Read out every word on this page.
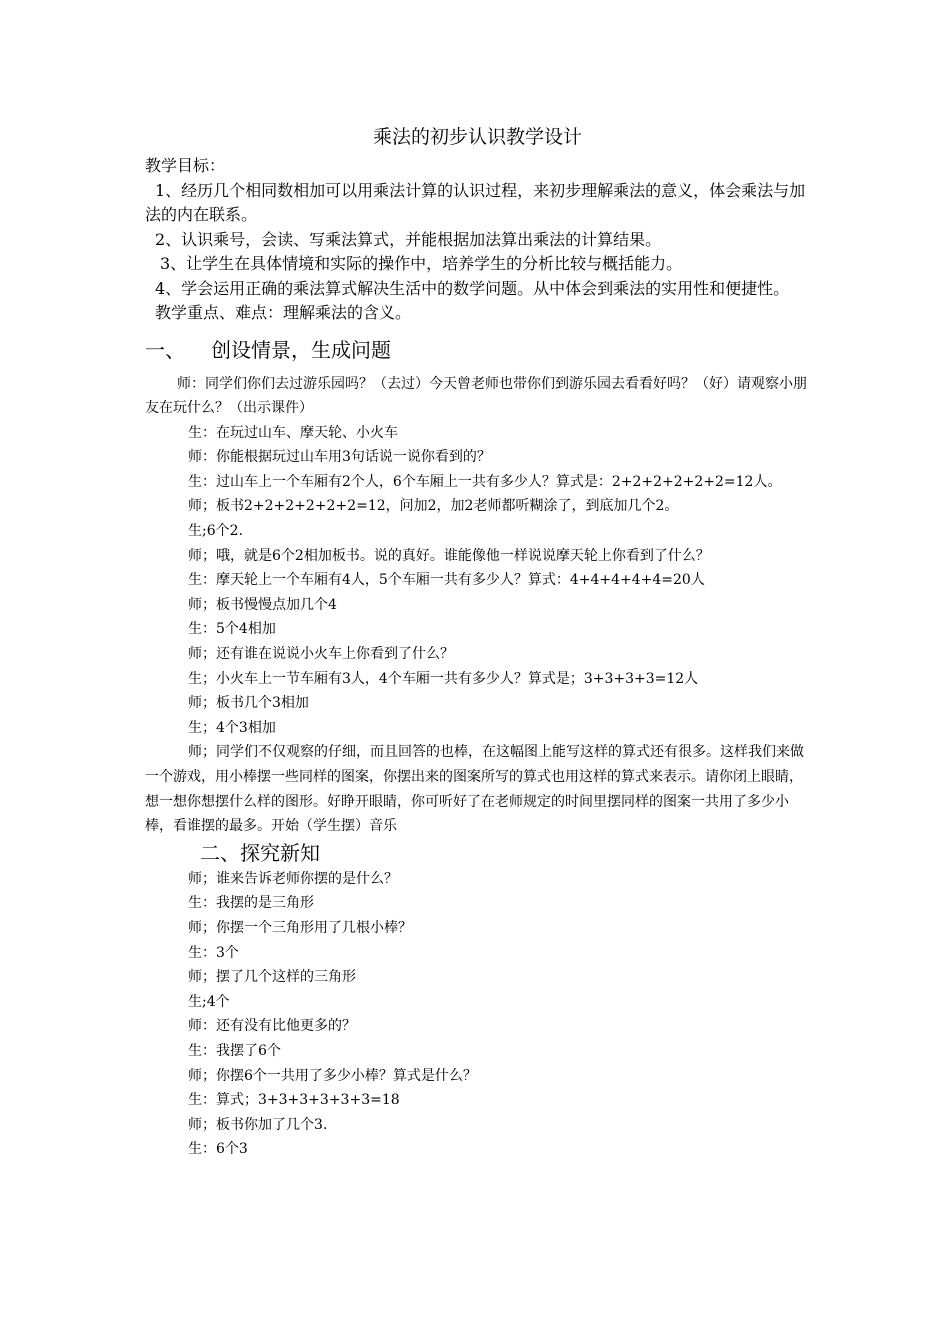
乘法的初步认识教学设计

教学目标：

1、经历几个相同数相加可以用乘法计算的认识过程，来初步理解乘法的意义，体会乘法与加法的内在联系。

2、认识乘号，会读、写乘法算式，并能根据加法算出乘法的计算结果。

3、让学生在具体情境和实际的操作中，培养学生的分析比较与概括能力。

4、学会运用正确的乘法算式解决生活中的数学问题。从中体会到乘法的实用性和便捷性。

教学重点、难点：理解乘法的含义。

一、 创设情景，生成问题

师：同学们你们去过游乐园吗？（去过）今天曾老师也带你们到游乐园去看看好吗？（好）请观察小朋友在玩什么？（出示课件）

生：在玩过山车、摩天轮、小火车

师：你能根据玩过山车用3句话说一说你看到的？

生：过山车上一个车厢有2个人，6个车厢上一共有多少人？算式是：2+2+2+2+2+2=12人。

师；板书2+2+2+2+2+2=12，问加2，加2老师都听糊涂了，到底加几个2。

生;6个2.

师；哦，就是6个2相加板书。说的真好。谁能像他一样说说摩天轮上你看到了什么？

生：摩天轮上一个车厢有4人，5个车厢一共有多少人？算式：4+4+4+4+4=20人

师；板书慢慢点加几个4

生：5个4相加

师；还有谁在说说小火车上你看到了什么？

生；小火车上一节车厢有3人，4个车厢一共有多少人？算式是；3+3+3+3=12人

师；板书几个3相加

生；4个3相加

师；同学们不仅观察的仔细，而且回答的也棒，在这幅图上能写这样的算式还有很多。这样我们来做一个游戏，用小棒摆一些同样的图案，你摆出来的图案所写的算式也用这样的算式来表示。请你闭上眼睛，想一想你想摆什么样的图形。好睁开眼睛，你可听好了在老师规定的时间里摆同样的图案一共用了多少小棒，看谁摆的最多。开始（学生摆）音乐

二、探究新知

师；谁来告诉老师你摆的是什么？

生：我摆的是三角形

师；你摆一个三角形用了几根小棒？

生：3个

师；摆了几个这样的三角形

生;4个

师：还有没有比他更多的？

生：我摆了6个

师；你摆6个一共用了多少小棒？算式是什么？

生：算式；3+3+3+3+3+3=18

师；板书你加了几个3.

生：6个3
